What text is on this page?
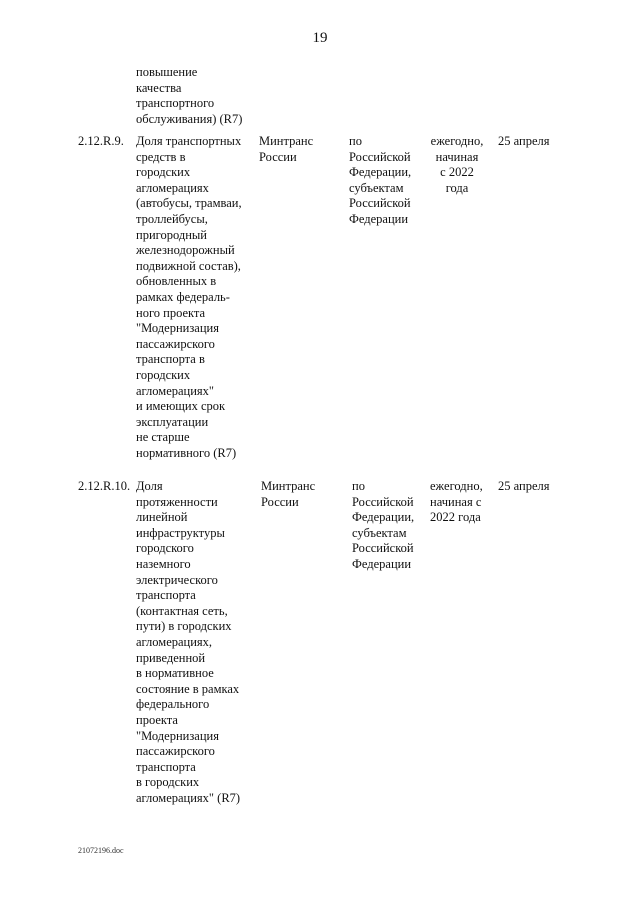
19
повышение
качества
транспортного
обслуживания) (R7)
2.12.R.9. Доля транспортных
средств в
городских
агломерациях
(автобусы, трамваи,
троллейбусы,
пригородный
железнодорожный
подвижной состав),
обновленных в
рамках федераль-
ного проекта
"Модернизация
пассажирского
транспорта в
городских
агломерациях"
и имеющих срок
эксплуатации
не старше
нормативного (R7)
Минтранс
России
по
Российской
Федерации,
субъектам
Российской
Федерации
ежегодно,
начиная
с 2022
года
25 апреля
2.12.R.10. Доля
протяженности
линейной
инфраструктуры
городского
наземного
электрического
транспорта
(контактная сеть,
пути) в городских
агломерациях,
приведенной
в нормативное
состояние в рамках
федерального
проекта
"Модернизация
пассажирского
транспорта
в городских
агломерациях" (R7)
Минтранс
России
по
Российской
Федерации,
субъектам
Российской
Федерации
ежегодно,
начиная с
2022 года
25 апреля
21072196.doc
